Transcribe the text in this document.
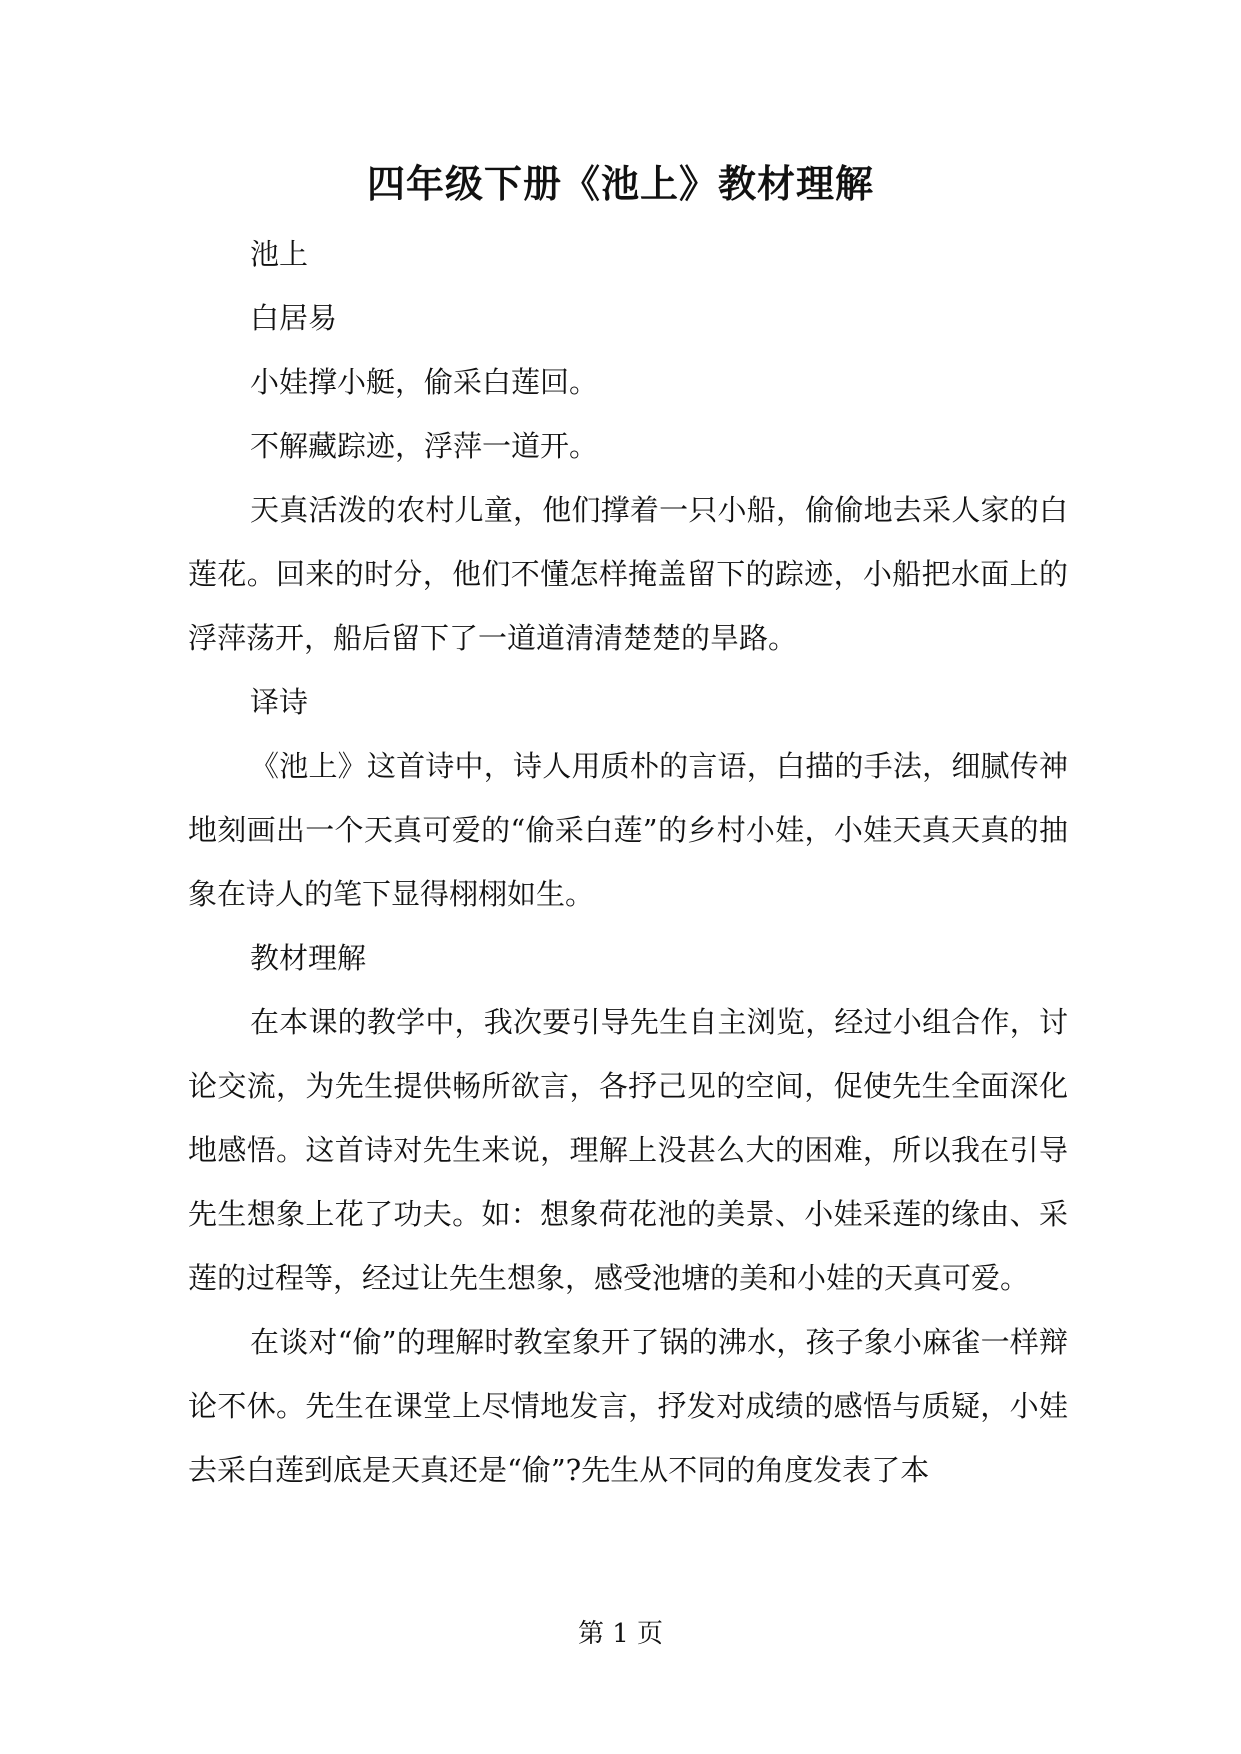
四年级下册《池上》教材理解

池上

白居易

小娃撑小艇，偷采白莲回。

不解藏踪迹，浮萍一道开。

天真活泼的农村儿童，他们撑着一只小船，偷偷地去采人家的白莲花。回来的时分，他们不懂怎样掩盖留下的踪迹，小船把水面上的浮萍荡开，船后留下了一道道清清楚楚的旱路。

译诗

《池上》这首诗中，诗人用质朴的言语，白描的手法，细腻传神地刻画出一个天真可爱的“偷采白莲”的乡村小娃，小娃天真天真的抽象在诗人的笔下显得栩栩如生。

教材理解

在本课的教学中，我次要引导先生自主浏览，经过小组合作，讨论交流，为先生提供畅所欲言，各抒己见的空间，促使先生全面深化地感悟。这首诗对先生来说，理解上没甚么大的困难，所以我在引导先生想象上花了功夫。如：想象荷花池的美景、小娃采莲的缘由、采莲的过程等，经过让先生想象，感受池塘的美和小娃的天真可爱。

在谈对“偷”的理解时教室象开了锅的沸水，孩子象小麻雀一样辩论不休。先生在课堂上尽情地发言，抒发对成绩的感悟与质疑，小娃去采白莲到底是天真还是“偷”?先生从不同的角度发表了本

第 1 页
